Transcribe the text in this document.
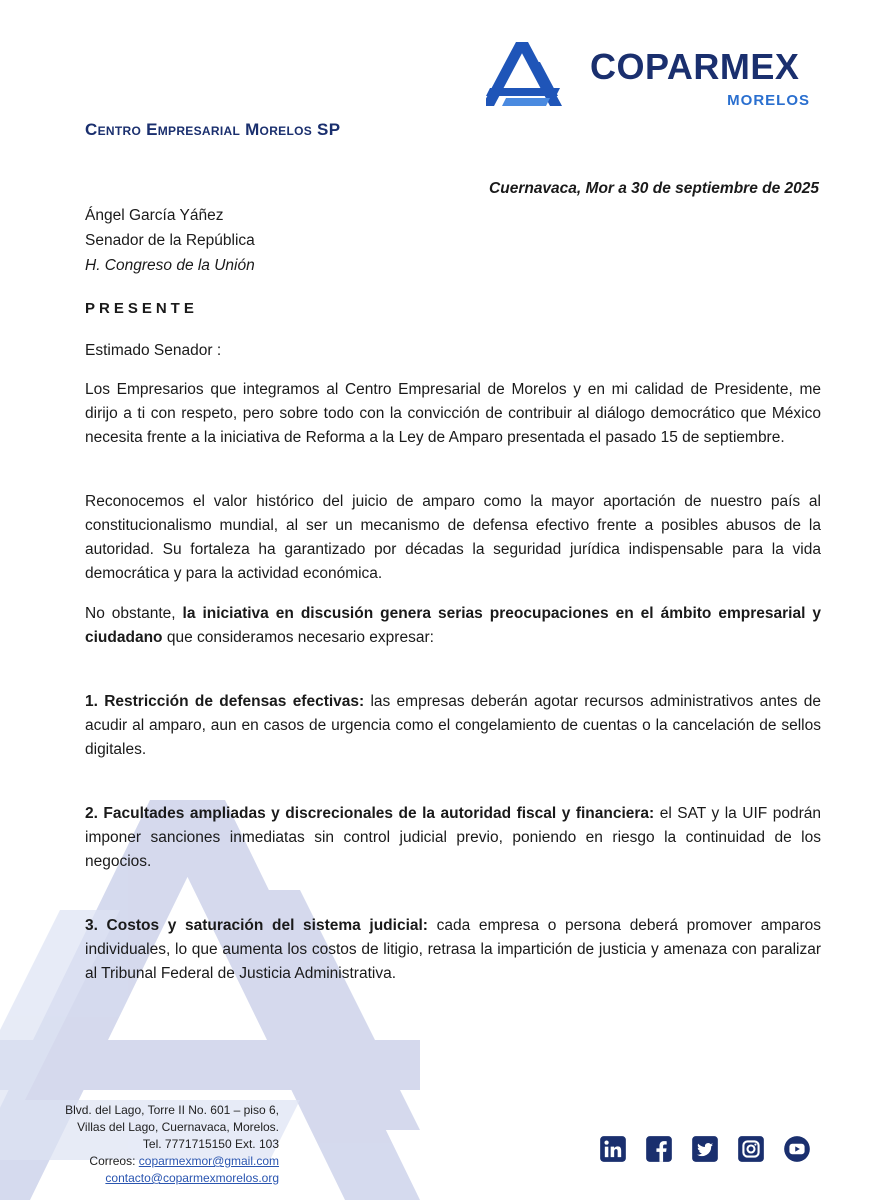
COPARMEX
MORELOS
Centro Empresarial Morelos SP
Cuernavaca, Mor a 30 de septiembre de 2025
Ángel García Yáñez
Senador de la República
H. Congreso de la Unión
PRESENTE
Estimado Senador :

Los Empresarios que integramos al Centro Empresarial de Morelos y en mi calidad de Presidente, me dirijo a ti con respeto, pero sobre todo con la convicción de contribuir al diálogo democrático que México necesita frente a la iniciativa de Reforma a la Ley de Amparo presentada el pasado 15 de septiembre.

Reconocemos el valor histórico del juicio de amparo como la mayor aportación de nuestro país al constitucionalismo mundial, al ser un mecanismo de defensa efectivo frente a posibles abusos de la autoridad. Su fortaleza ha garantizado por décadas la seguridad jurídica indispensable para la vida democrática y para la actividad económica.

No obstante, la iniciativa en discusión genera serias preocupaciones en el ámbito empresarial y ciudadano que consideramos necesario expresar:

1. Restricción de defensas efectivas: las empresas deberán agotar recursos administrativos antes de acudir al amparo, aun en casos de urgencia como el congelamiento de cuentas o la cancelación de sellos digitales.

2. Facultades ampliadas y discrecionales de la autoridad fiscal y financiera: el SAT y la UIF podrán imponer sanciones inmediatas sin control judicial previo, poniendo en riesgo la continuidad de los negocios.

3. Costos y saturación del sistema judicial: cada empresa o persona deberá promover amparos individuales, lo que aumenta los costos de litigio, retrasa la impartición de justicia y amenaza con paralizar al Tribunal Federal de Justicia Administrativa.

Blvd. del Lago, Torre II No. 601 – piso 6,
Villas del Lago, Cuernavaca, Morelos.
Tel. 7771715150 Ext. 103
Correos: coparmexmor@gmail.com
contacto@coparmexmorelos.org
